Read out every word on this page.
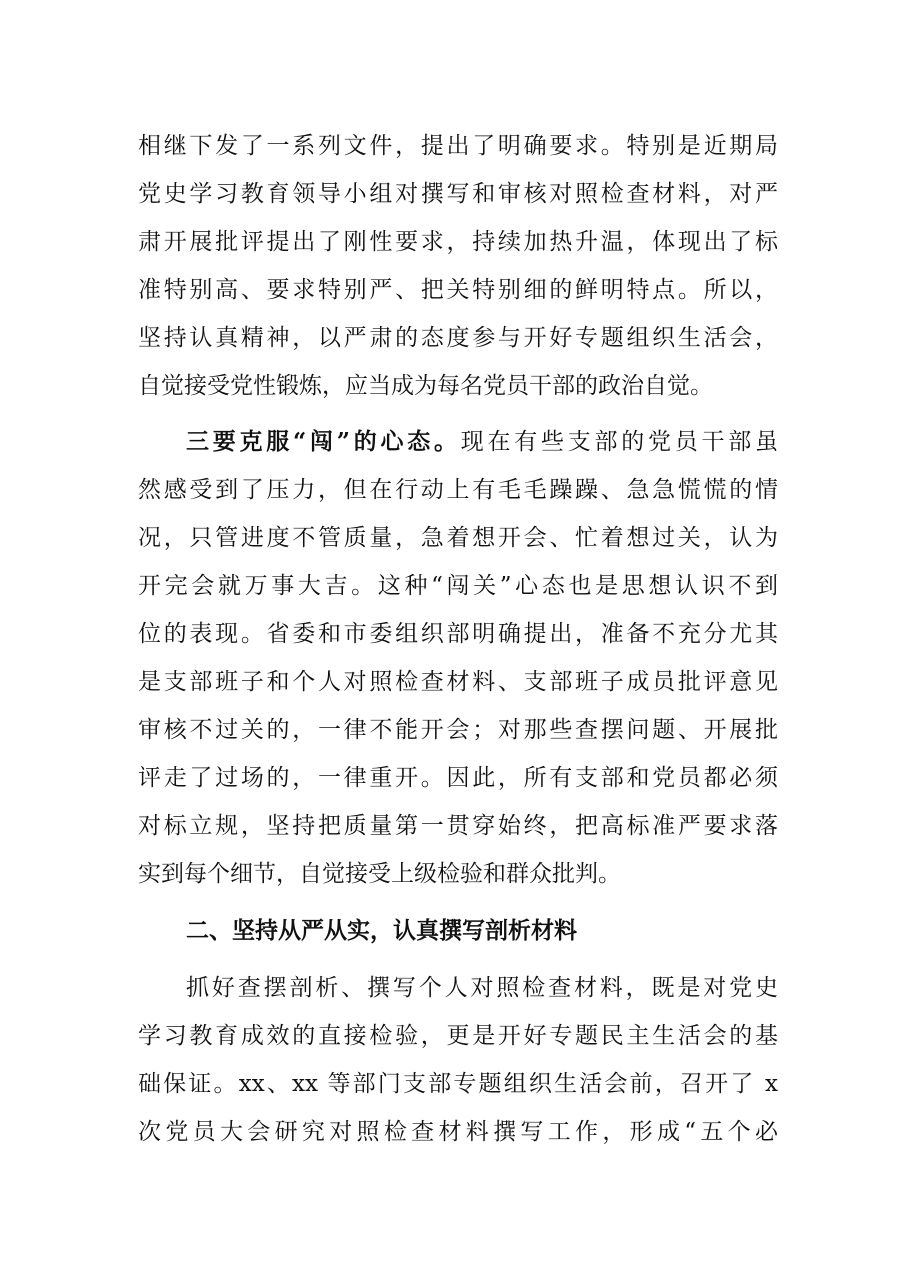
相继下发了一系列文件，提出了明确要求。特别是近期局
党史学习教育领导小组对撰写和审核对照检查材料，对严
肃开展批评提出了刚性要求，持续加热升温，体现出了标
准特别高、要求特别严、把关特别细的鲜明特点。所以，
坚持认真精神，以严肃的态度参与开好专题组织生活会，
自觉接受党性锻炼，应当成为每名党员干部的政治自觉。
三要克服“闯”的心态。现在有些支部的党员干部虽
然感受到了压力，但在行动上有毛毛躁躁、急急慌慌的情
况，只管进度不管质量，急着想开会、忙着想过关，认为
开完会就万事大吉。这种“闯关”心态也是思想认识不到
位的表现。省委和市委组织部明确提出，准备不充分尤其
是支部班子和个人对照检查材料、支部班子成员批评意见
审核不过关的，一律不能开会；对那些查摆问题、开展批
评走了过场的，一律重开。因此，所有支部和党员都必须
对标立规，坚持把质量第一贯穿始终，把高标准严要求落
实到每个细节，自觉接受上级检验和群众批判。
二、坚持从严从实，认真撰写剖析材料
抓好查摆剖析、撰写个人对照检查材料，既是对党史
学习教育成效的直接检验，更是开好专题民主生活会的基
础保证。xx、xx 等部门支部专题组织生活会前，召开了 x
次党员大会研究对照检查材料撰写工作，形成“五个必
